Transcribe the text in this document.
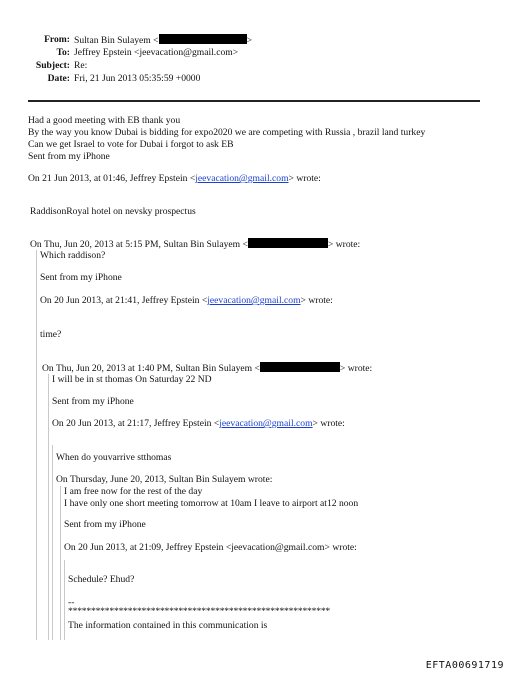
From: Sultan Bin Sulayem <	>
To: Jeffrey Epstein <jeevacation@gmail.com>
Subject: Re:
Date: Fri, 21 Jun 2013 05:35:59 +0000
Had a good meeting with EB thank you
By the way you know Dubai is bidding for expo2020 we are competing with Russia , brazil land turkey
Can we get Israel to vote for Dubai i forgot to ask EB
Sent from my iPhone
On 21 Jun 2013, at 01:46, Jeffrey Epstein <jeevacation@gmail.com> wrote:
RaddisonRoyal hotel on nevsky prospectus
On Thu, Jun 20, 2013 at 5:15 PM, Sultan Bin Sulayem <	> wrote:
Which raddison?
Sent from my iPhone
On 20 Jun 2013, at 21:41, Jeffrey Epstein <jeevacation@gmail.com> wrote:
time?
On Thu, Jun 20, 2013 at 1:40 PM, Sultan Bin Sulayem <	> wrote:
I will be in st thomas On Saturday 22 ND
Sent from my iPhone
On 20 Jun 2013, at 21:17, Jeffrey Epstein <jeevacation@gmail.com> wrote:
When do youvarrive stthomas
On Thursday, June 20, 2013, Sultan Bin Sulayem wrote:
I am free now for the rest of the day
I have only one short meeting tomorrow at 10am I leave to airport at12 noon
Sent from my iPhone
On 20 Jun 2013, at 21:09, Jeffrey Epstein <jeevacation@gmail.com> wrote:
Schedule? Ehud?
--
*********************************************************
The information contained in this communication is
EFTA00691719
